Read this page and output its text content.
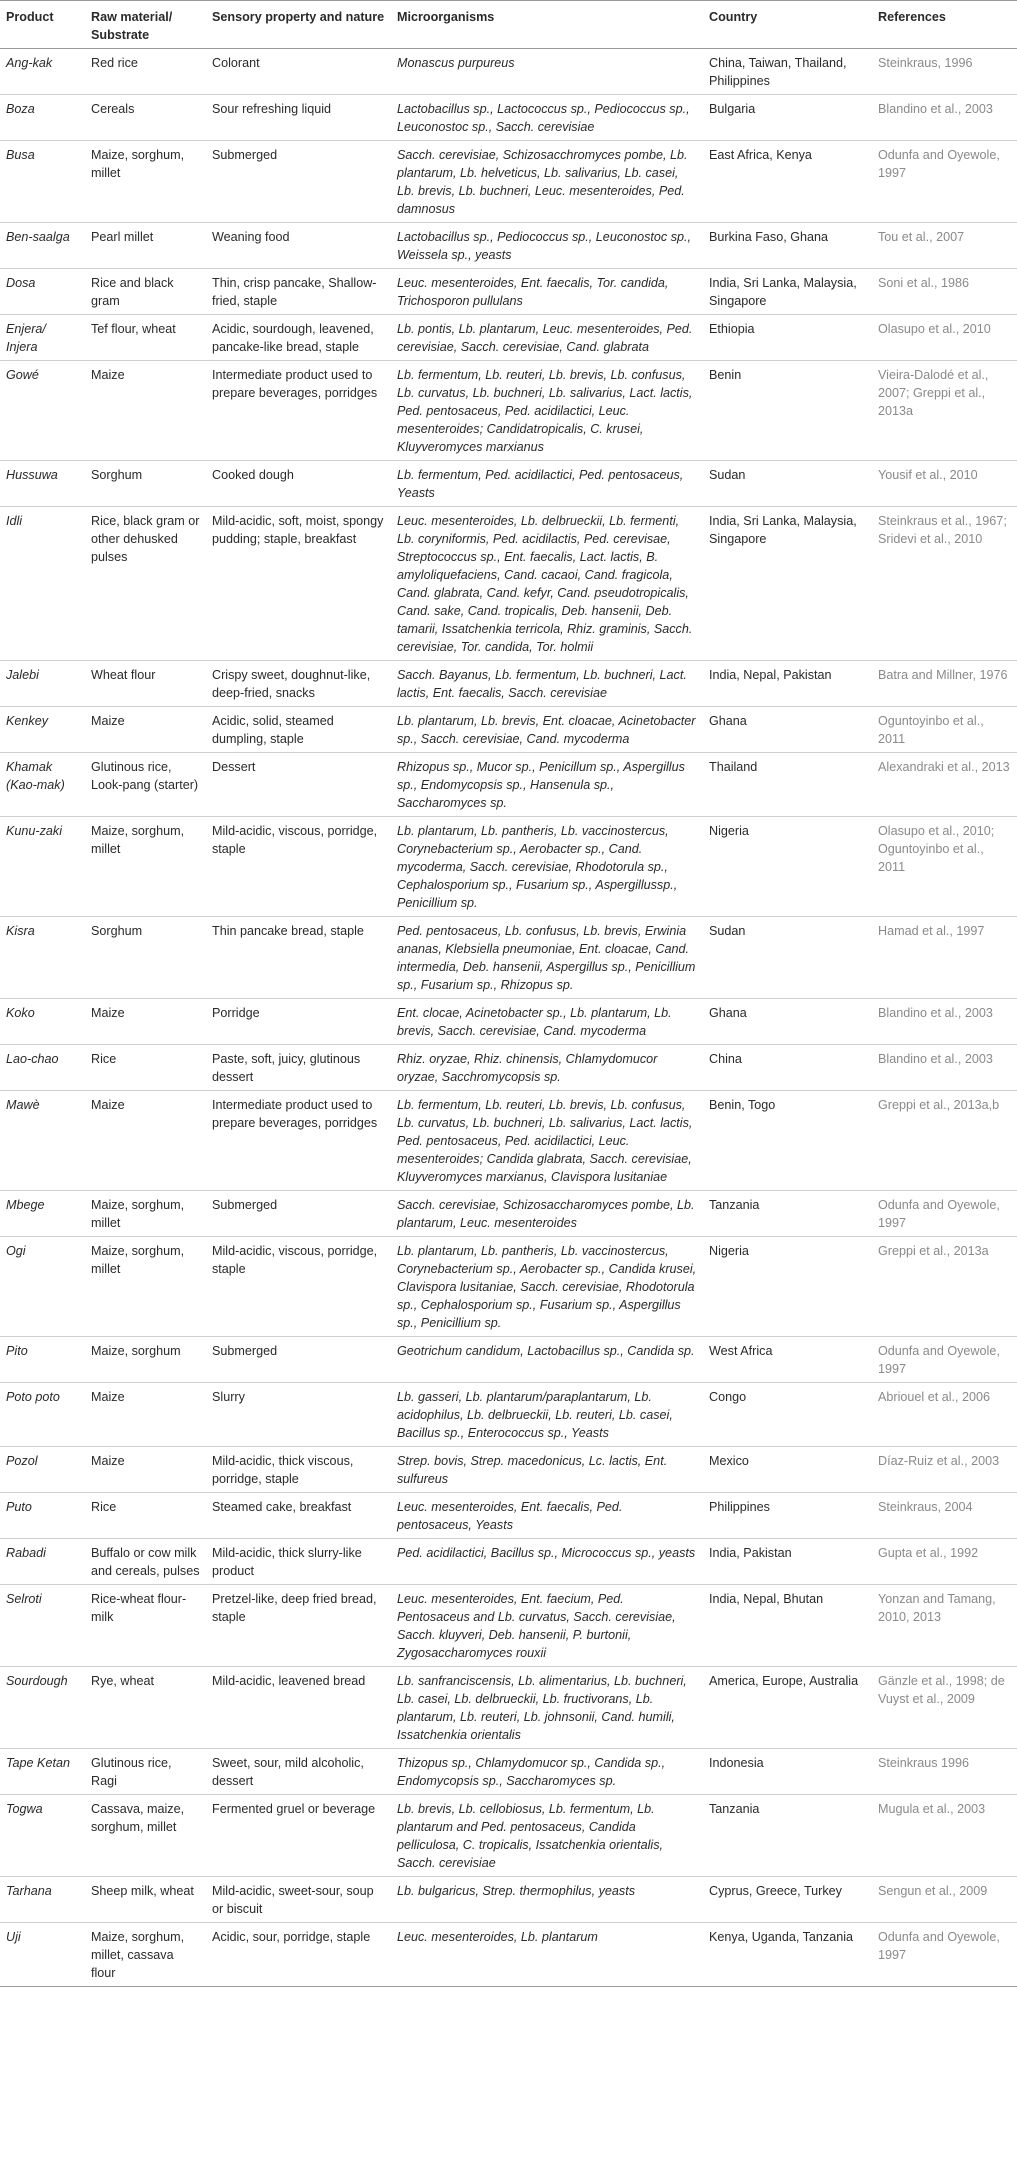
Product	Raw material/ Substrate	Sensory property and nature	Microorganisms	Country	References
Ang-kak	Red rice	Colorant	Monascus purpureus	China, Taiwan, Thailand, Philippines	Steinkraus, 1996
Boza	Cereals	Sour refreshing liquid	Lactobacillus sp., Lactococcus sp., Pediococcus sp., Leuconostoc sp., Sacch. cerevisiae	Bulgaria	Blandino et al., 2003
Busa	Maize, sorghum, millet	Submerged	Sacch. cerevisiae, Schizosacchromyces pombe, Lb. plantarum, Lb. helveticus, Lb. salivarius, Lb. casei, Lb. brevis, Lb. buchneri, Leuc. mesenteroides, Ped. damnosus	East Africa, Kenya	Odunfa and Oyewole, 1997
Ben-saalga	Pearl millet	Weaning food	Lactobacillus sp., Pediococcus sp., Leuconostoc sp., Weissela sp., yeasts	Burkina Faso, Ghana	Tou et al., 2007
Dosa	Rice and black gram	Thin, crisp pancake, Shallow-fried, staple	Leuc. mesenteroides, Ent. faecalis, Tor. candida, Trichosporon pullulans	India, Sri Lanka, Malaysia, Singapore	Soni et al., 1986
Enjera/ Injera	Tef flour, wheat	Acidic, sourdough, leavened, pancake-like bread, staple	Lb. pontis, Lb. plantarum, Leuc. mesenteroides, Ped. cerevisiae, Sacch. cerevisiae, Cand. glabrata	Ethiopia	Olasupo et al., 2010
Gowé	Maize	Intermediate product used to prepare beverages, porridges	Lb. fermentum, Lb. reuteri, Lb. brevis, Lb. confusus, Lb. curvatus, Lb. buchneri, Lb. salivarius, Lact. lactis, Ped. pentosaceus, Ped. acidilactici, Leuc. mesenteroides; Candidatropicalis, C. krusei, Kluyveromyces marxianus	Benin	Vieira-Dalodé et al., 2007; Greppi et al., 2013a
Hussuwa	Sorghum	Cooked dough	Lb. fermentum, Ped. acidilactici, Ped. pentosaceus, Yeasts	Sudan	Yousif et al., 2010
Idli	Rice, black gram or other dehusked pulses	Mild-acidic, soft, moist, spongy pudding; staple, breakfast	Leuc. mesenteroides, Lb. delbrueckii, Lb. fermenti, Lb. coryniformis, Ped. acidilactis, Ped. cerevisae, Streptococcus sp., Ent. faecalis, Lact. lactis, B. amyloliquefaciens, Cand. cacaoi, Cand. fragicola, Cand. glabrata, Cand. kefyr, Cand. pseudotropicalis, Cand. sake, Cand. tropicalis, Deb. hansenii, Deb. tamarii, Issatchenkia terricola, Rhiz. graminis, Sacch. cerevisiae, Tor. candida, Tor. holmii	India, Sri Lanka, Malaysia, Singapore	Steinkraus et al., 1967; Sridevi et al., 2010
Jalebi	Wheat flour	Crispy sweet, doughnut-like, deep-fried, snacks	Sacch. Bayanus, Lb. fermentum, Lb. buchneri, Lact. lactis, Ent. faecalis, Sacch. cerevisiae	India, Nepal, Pakistan	Batra and Millner, 1976
Kenkey	Maize	Acidic, solid, steamed dumpling, staple	Lb. plantarum, Lb. brevis, Ent. cloacae, Acinetobacter sp., Sacch. cerevisiae, Cand. mycoderma	Ghana	Oguntoyinbo et al., 2011
Khamak (Kao-mak)	Glutinous rice, Look-pang (starter)	Dessert	Rhizopus sp., Mucor sp., Penicillum sp., Aspergillus sp., Endomycopsis sp., Hansenula sp., Saccharomyces sp.	Thailand	Alexandraki et al., 2013
Kunu-zaki	Maize, sorghum, millet	Mild-acidic, viscous, porridge, staple	Lb. plantarum, Lb. pantheris, Lb. vaccinostercus, Corynebacterium sp., Aerobacter sp., Cand. mycoderma, Sacch. cerevisiae, Rhodotorula sp., Cephalosporium sp., Fusarium sp., Aspergillussp., Penicillium sp.	Nigeria	Olasupo et al., 2010; Oguntoyinbo et al., 2011
Kisra	Sorghum	Thin pancake bread, staple	Ped. pentosaceus, Lb. confusus, Lb. brevis, Erwinia ananas, Klebsiella pneumoniae, Ent. cloacae, Cand. intermedia, Deb. hansenii, Aspergillus sp., Penicillium sp., Fusarium sp., Rhizopus sp.	Sudan	Hamad et al., 1997
Koko	Maize	Porridge	Ent. clocae, Acinetobacter sp., Lb. plantarum, Lb. brevis, Sacch. cerevisiae, Cand. mycoderma	Ghana	Blandino et al., 2003
Lao-chao	Rice	Paste, soft, juicy, glutinous dessert	Rhiz. oryzae, Rhiz. chinensis, Chlamydomucor oryzae, Sacchromycopsis sp.	China	Blandino et al., 2003
Mawè	Maize	Intermediate product used to prepare beverages, porridges	Lb. fermentum, Lb. reuteri, Lb. brevis, Lb. confusus, Lb. curvatus, Lb. buchneri, Lb. salivarius, Lact. lactis, Ped. pentosaceus, Ped. acidilactici, Leuc. mesenteroides; Candida glabrata, Sacch. cerevisiae, Kluyveromyces marxianus, Clavispora lusitaniae	Benin, Togo	Greppi et al., 2013a,b
Mbege	Maize, sorghum, millet	Submerged	Sacch. cerevisiae, Schizosaccharomyces pombe, Lb. plantarum, Leuc. mesenteroides	Tanzania	Odunfa and Oyewole, 1997
Ogi	Maize, sorghum, millet	Mild-acidic, viscous, porridge, staple	Lb. plantarum, Lb. pantheris, Lb. vaccinostercus, Corynebacterium sp., Aerobacter sp., Candida krusei, Clavispora lusitaniae, Sacch. cerevisiae, Rhodotorula sp., Cephalosporium sp., Fusarium sp., Aspergillus sp., Penicillium sp.	Nigeria	Greppi et al., 2013a
Pito	Maize, sorghum	Submerged	Geotrichum candidum, Lactobacillus sp., Candida sp.	West Africa	Odunfa and Oyewole, 1997
Poto poto	Maize	Slurry	Lb. gasseri, Lb. plantarum/paraplantarum, Lb. acidophilus, Lb. delbrueckii, Lb. reuteri, Lb. casei, Bacillus sp., Enterococcus sp., Yeasts	Congo	Abriouel et al., 2006
Pozol	Maize	Mild-acidic, thick viscous, porridge, staple	Strep. bovis, Strep. macedonicus, Lc. lactis, Ent. sulfureus	Mexico	Díaz-Ruiz et al., 2003
Puto	Rice	Steamed cake, breakfast	Leuc. mesenteroides, Ent. faecalis, Ped. pentosaceus, Yeasts	Philippines	Steinkraus, 2004
Rabadi	Buffalo or cow milk and cereals, pulses	Mild-acidic, thick slurry-like product	Ped. acidilactici, Bacillus sp., Micrococcus sp., yeasts	India, Pakistan	Gupta et al., 1992
Selroti	Rice-wheat flour-milk	Pretzel-like, deep fried bread, staple	Leuc. mesenteroides, Ent. faecium, Ped. Pentosaceus and Lb. curvatus, Sacch. cerevisiae, Sacch. kluyveri, Deb. hansenii, P. burtonii, Zygosaccharomyces rouxii	India, Nepal, Bhutan	Yonzan and Tamang, 2010, 2013
Sourdough	Rye, wheat	Mild-acidic, leavened bread	Lb. sanfranciscensis, Lb. alimentarius, Lb. buchneri, Lb. casei, Lb. delbrueckii, Lb. fructivorans, Lb. plantarum, Lb. reuteri, Lb. johnsonii, Cand. humili, Issatchenkia orientalis	America, Europe, Australia	Gänzle et al., 1998; de Vuyst et al., 2009
Tape Ketan	Glutinous rice, Ragi	Sweet, sour, mild alcoholic, dessert	Thizopus sp., Chlamydomucor sp., Candida sp., Endomycopsis sp., Saccharomyces sp.	Indonesia	Steinkraus 1996
Togwa	Cassava, maize, sorghum, millet	Fermented gruel or beverage	Lb. brevis, Lb. cellobiosus, Lb. fermentum, Lb. plantarum and Ped. pentosaceus, Candida pelliculosa, C. tropicalis, Issatchenkia orientalis, Sacch. cerevisiae	Tanzania	Mugula et al., 2003
Tarhana	Sheep milk, wheat	Mild-acidic, sweet-sour, soup or biscuit	Lb. bulgaricus, Strep. thermophilus, yeasts	Cyprus, Greece, Turkey	Sengun et al., 2009
Uji	Maize, sorghum, millet, cassava flour	Acidic, sour, porridge, staple	Leuc. mesenteroides, Lb. plantarum	Kenya, Uganda, Tanzania	Odunfa and Oyewole, 1997
